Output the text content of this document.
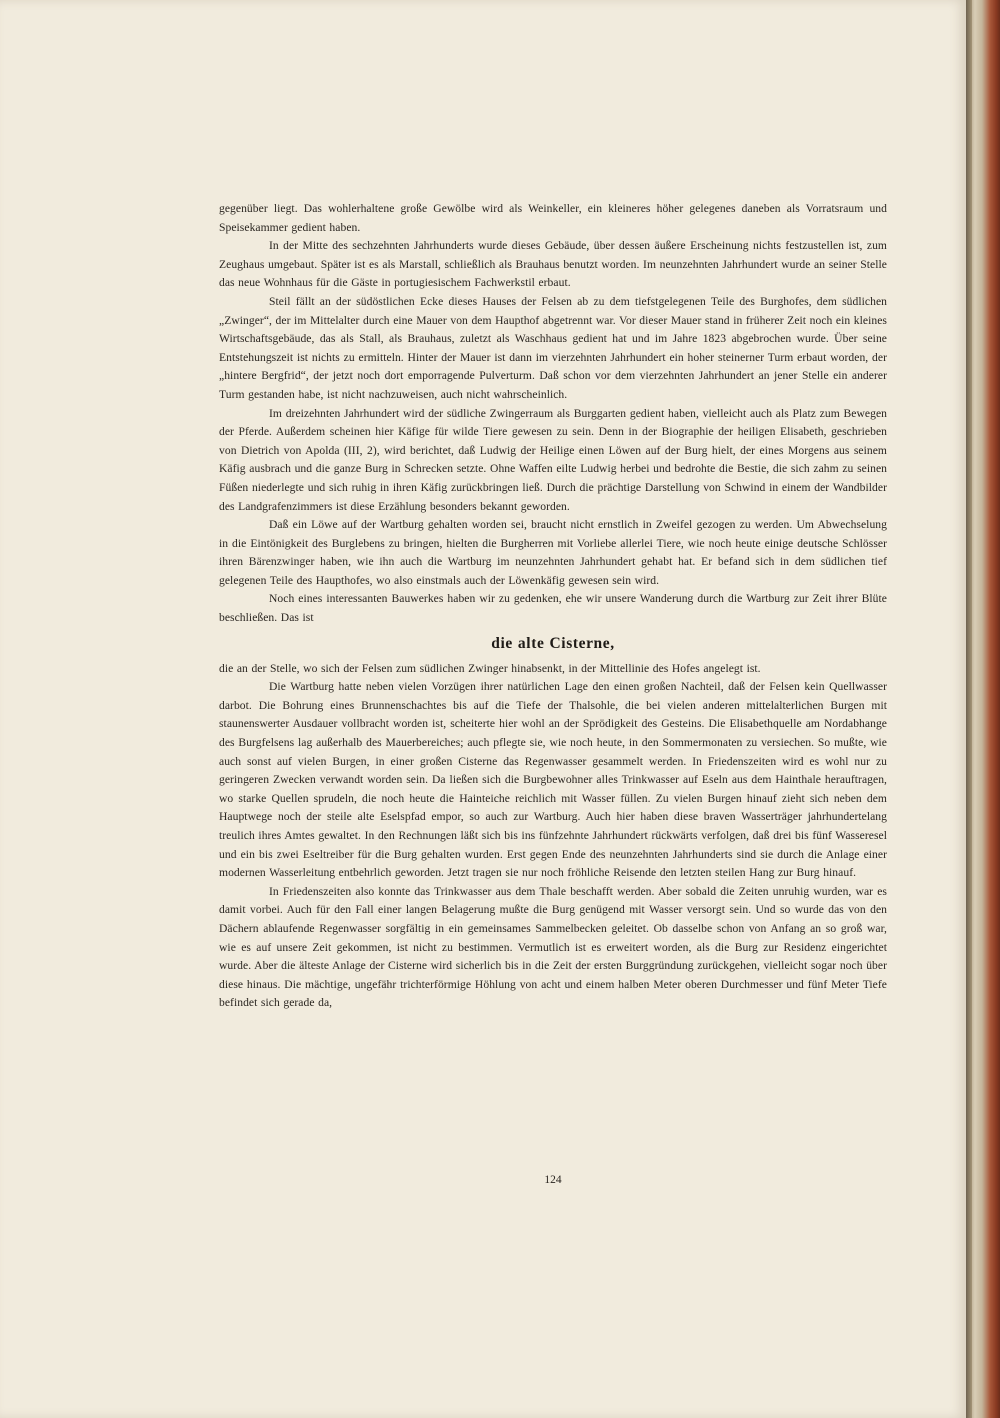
gegenüber liegt. Das wohlerhaltene große Gewölbe wird als Weinkeller, ein kleineres höher gelegenes daneben als Vorratsraum und Speisekammer gedient haben.

In der Mitte des sechzehnten Jahrhunderts wurde dieses Gebäude, über dessen äußere Erscheinung nichts festzustellen ist, zum Zeughaus umgebaut. Später ist es als Marstall, schließlich als Brauhaus benutzt worden. Im neunzehnten Jahrhundert wurde an seiner Stelle das neue Wohnhaus für die Gäste in portugiesischem Fachwerkstil erbaut.

Steil fällt an der südöstlichen Ecke dieses Hauses der Felsen ab zu dem tiefstgelegenen Teile des Burghofes, dem südlichen „Zwinger“, der im Mittelalter durch eine Mauer von dem Haupthof abgetrennt war. Vor dieser Mauer stand in früherer Zeit noch ein kleines Wirtschaftsgebäude, das als Stall, als Brauhaus, zuletzt als Waschhaus gedient hat und im Jahre 1823 abgebrochen wurde. Über seine Entstehungszeit ist nichts zu ermitteln. Hinter der Mauer ist dann im vierzehnten Jahrhundert ein hoher steinerner Turm erbaut worden, der „hintere Bergfrid“, der jetzt noch dort emporragende Pulverturm. Daß schon vor dem vierzehnten Jahrhundert an jener Stelle ein anderer Turm gestanden habe, ist nicht nachzuweisen, auch nicht wahrscheinlich.

Im dreizehnten Jahrhundert wird der südliche Zwingerraum als Burggarten gedient haben, vielleicht auch als Platz zum Bewegen der Pferde. Außerdem scheinen hier Käfige für wilde Tiere gewesen zu sein. Denn in der Biographie der heiligen Elisabeth, geschrieben von Dietrich von Apolda (III, 2), wird berichtet, daß Ludwig der Heilige einen Löwen auf der Burg hielt, der eines Morgens aus seinem Käfig ausbrach und die ganze Burg in Schrecken setzte. Ohne Waffen eilte Ludwig herbei und bedrohte die Bestie, die sich zahm zu seinen Füßen niederlegte und sich ruhig in ihren Käfig zurückbringen ließ. Durch die prächtige Darstellung von Schwind in einem der Wandbilder des Landgrafenzimmers ist diese Erzählung besonders bekannt geworden.

Daß ein Löwe auf der Wartburg gehalten worden sei, braucht nicht ernstlich in Zweifel gezogen zu werden. Um Abwechselung in die Eintönigkeit des Burglebens zu bringen, hielten die Burgherren mit Vorliebe allerlei Tiere, wie noch heute einige deutsche Schlösser ihren Bärenzwinger haben, wie ihn auch die Wartburg im neunzehnten Jahrhundert gehabt hat. Er befand sich in dem südlichen tief gelegenen Teile des Haupthofes, wo also einstmals auch der Löwenkäfig gewesen sein wird.

Noch eines interessanten Bauwerkes haben wir zu gedenken, ehe wir unsere Wanderung durch die Wartburg zur Zeit ihrer Blüte beschließen. Das ist

die alte Cisterne,

die an der Stelle, wo sich der Felsen zum südlichen Zwinger hinabsenkt, in der Mittellinie des Hofes angelegt ist.

Die Wartburg hatte neben vielen Vorzügen ihrer natürlichen Lage den einen großen Nachteil, daß der Felsen kein Quellwasser darbot. Die Bohrung eines Brunnenschachtes bis auf die Tiefe der Thalsohle, die bei vielen anderen mittelalterlichen Burgen mit staunenswerter Ausdauer vollbracht worden ist, scheiterte hier wohl an der Sprödigkeit des Gesteins. Die Elisabethquelle am Nordabhange des Burgfelsens lag außerhalb des Mauerbereiches; auch pflegte sie, wie noch heute, in den Sommermonaten zu versiechen. So mußte, wie auch sonst auf vielen Burgen, in einer großen Cisterne das Regenwasser gesammelt werden. In Friedenszeiten wird es wohl nur zu geringeren Zwecken verwandt worden sein. Da ließen sich die Burgbewohner alles Trinkwasser auf Eseln aus dem Hainthale herauftragen, wo starke Quellen sprudeln, die noch heute die Hainteiche reichlich mit Wasser füllen. Zu vielen Burgen hinauf zieht sich neben dem Hauptwege noch der steile alte Eselspfad empor, so auch zur Wartburg. Auch hier haben diese braven Wasserträger jahrhundertelang treulich ihres Amtes gewaltet. In den Rechnungen läßt sich bis ins fünfzehnte Jahrhundert rückwärts verfolgen, daß drei bis fünf Wasseresel und ein bis zwei Eseltreiber für die Burg gehalten wurden. Erst gegen Ende des neunzehnten Jahrhunderts sind sie durch die Anlage einer modernen Wasserleitung entbehrlich geworden. Jetzt tragen sie nur noch fröhliche Reisende den letzten steilen Hang zur Burg hinauf.

In Friedenszeiten also konnte das Trinkwasser aus dem Thale beschafft werden. Aber sobald die Zeiten unruhig wurden, war es damit vorbei. Auch für den Fall einer langen Belagerung mußte die Burg genügend mit Wasser versorgt sein. Und so wurde das von den Dächern ablaufende Regenwasser sorgfältig in ein gemeinsames Sammelbecken geleitet. Ob dasselbe schon von Anfang an so groß war, wie es auf unsere Zeit gekommen, ist nicht zu bestimmen. Vermutlich ist es erweitert worden, als die Burg zur Residenz eingerichtet wurde. Aber die älteste Anlage der Cisterne wird sicherlich bis in die Zeit der ersten Burggründung zurückgehen, vielleicht sogar noch über diese hinaus. Die mächtige, ungefähr trichterförmige Höhlung von acht und einem halben Meter oberen Durchmesser und fünf Meter Tiefe befindet sich gerade da,

124
